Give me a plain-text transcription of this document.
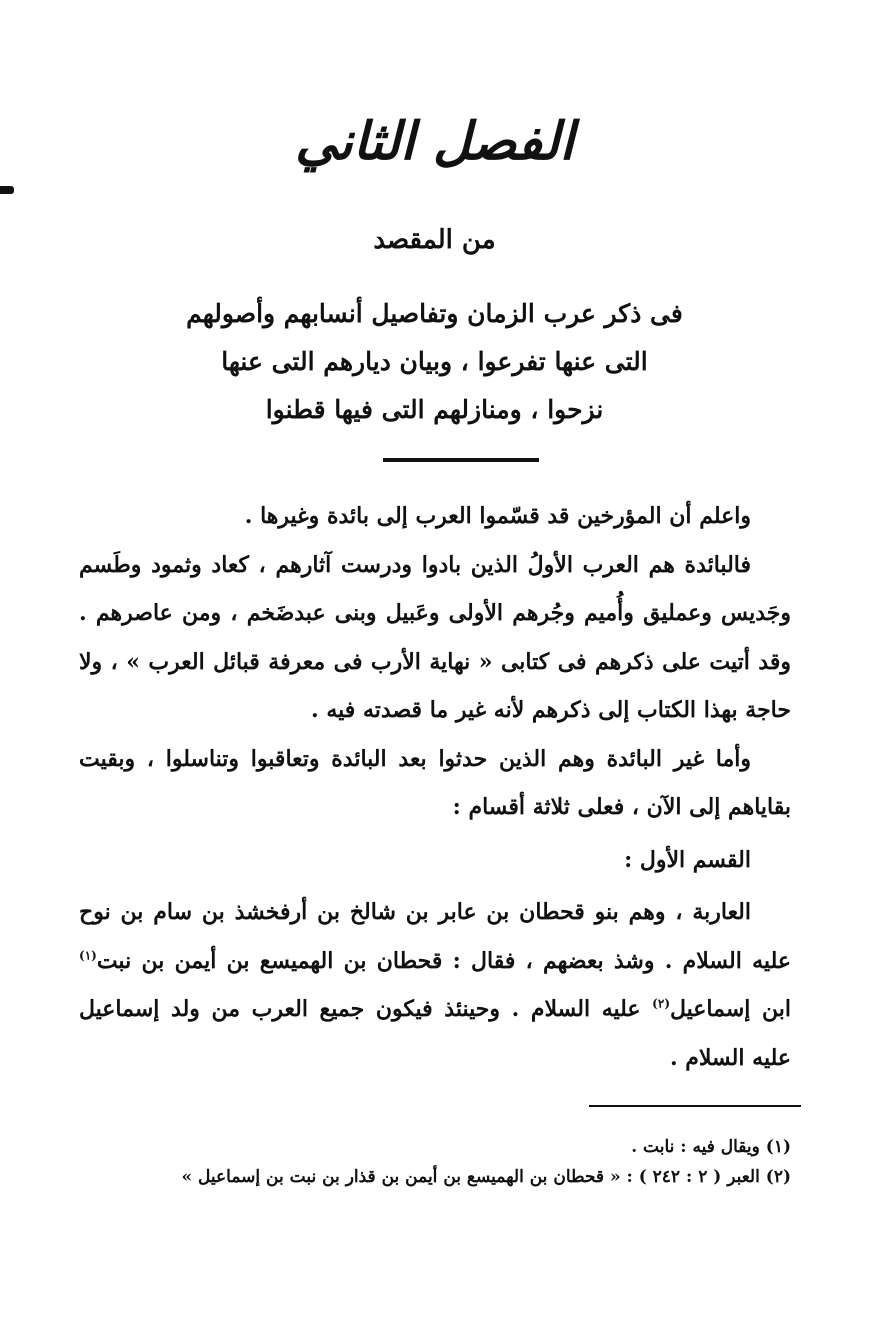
الفصل الثاني
من المقصد
فى ذكر عرب الزمان وتفاصيل أنسابهم وأصولهم
التى عنها تفرعوا ، وبيان ديارهم التى عنها
نزحوا ، ومنازلهم التى فيها قطنوا

واعلم أن المؤرخين قد قسّموا العرب إلى بائدة وغيرها .

فالبائدة هم العرب الأولُ الذين بادوا ودرست آثارهم ، كعاد وثمود وطَسم وجَديس وعمليق وأُميم وجُرهم الأولى وعَبيل وبنى عبدضَخم ، ومن عاصرهم . وقد أتيت على ذكرهم فى كتابى « نهاية الأرب فى معرفة قبائل العرب » ، ولا حاجة بهذا الكتاب إلى ذكرهم لأنه غير ما قصدته فيه .

وأما غير البائدة وهم الذين حدثوا بعد البائدة وتعاقبوا وتناسلوا ، وبقيت بقاياهم إلى الآن ، فعلى ثلاثة أقسام :

القسم الأول :

العاربة ، وهم بنو قحطان بن عابر بن شالخ بن أرفخشذ بن سام بن نوح عليه السلام . وشذ بعضهم ، فقال : قحطان بن الهميسع بن أيمن بن نبت$^{(١)}$ ابن إسماعيل$^{(٢)}$ عليه السلام . وحينئذ فيكون جميع العرب من ولد إسماعيل عليه السلام .

(١) ويقال فيه : نابت .
(٢) العبر ( ٢ : ٢٤٢ ) : « قحطان بن الهميسع بن أيمن بن قذار بن نبت بن إسماعيل »
